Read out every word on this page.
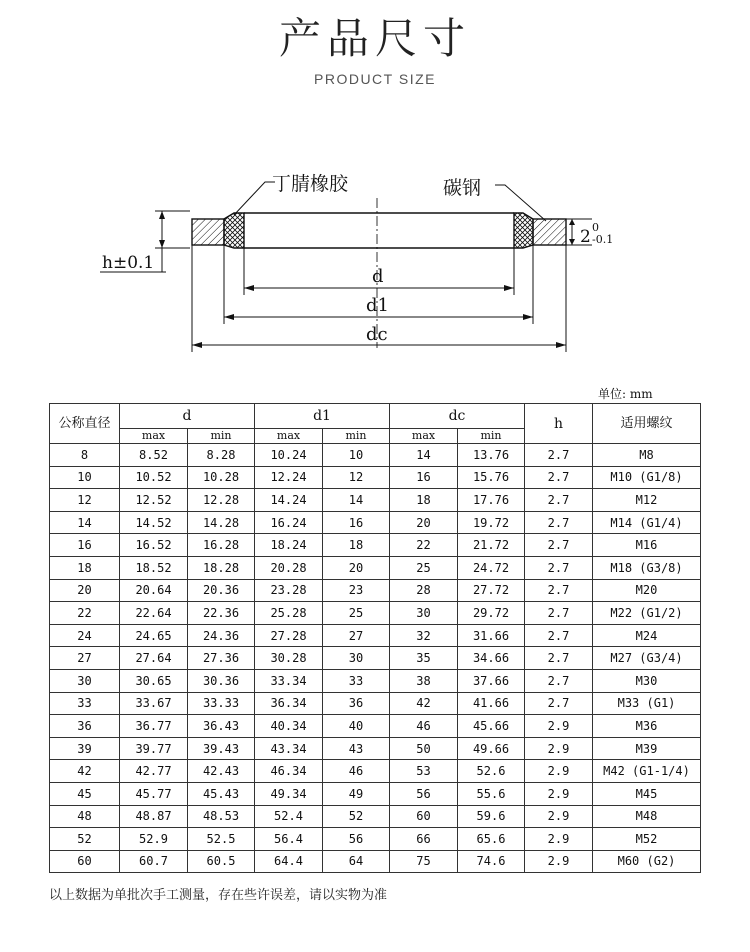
产品尺寸
PRODUCT SIZE
丁腈橡胶	碳钢
h±0.1
2 0
-0.1
d
d1
dc
单位: mm
公称直径	d		d1		dc		h	适用螺纹
	max	min	max	min	max	min		
8	8.52	8.28	10.24	10	14	13.76	2.7	M8
10	10.52	10.28	12.24	12	16	15.76	2.7	M10 (G1/8)
12	12.52	12.28	14.24	14	18	17.76	2.7	M12
14	14.52	14.28	16.24	16	20	19.72	2.7	M14 (G1/4)
16	16.52	16.28	18.24	18	22	21.72	2.7	M16
18	18.52	18.28	20.28	20	25	24.72	2.7	M18 (G3/8)
20	20.64	20.36	23.28	23	28	27.72	2.7	M20
22	22.64	22.36	25.28	25	30	29.72	2.7	M22 (G1/2)
24	24.65	24.36	27.28	27	32	31.66	2.7	M24
27	27.64	27.36	30.28	30	35	34.66	2.7	M27 (G3/4)
30	30.65	30.36	33.34	33	38	37.66	2.7	M30
33	33.67	33.33	36.34	36	42	41.66	2.7	M33 (G1)
36	36.77	36.43	40.34	40	46	45.66	2.9	M36
39	39.77	39.43	43.34	43	50	49.66	2.9	M39
42	42.77	42.43	46.34	46	53	52.6	2.9	M42 (G1-1/4)
45	45.77	45.43	49.34	49	56	55.6	2.9	M45
48	48.87	48.53	52.4	52	60	59.6	2.9	M48
52	52.9	52.5	56.4	56	66	65.6	2.9	M52
60	60.7	60.5	64.4	64	75	74.6	2.9	M60 (G2)
以上数据为单批次手工测量，存在些许误差，请以实物为准
